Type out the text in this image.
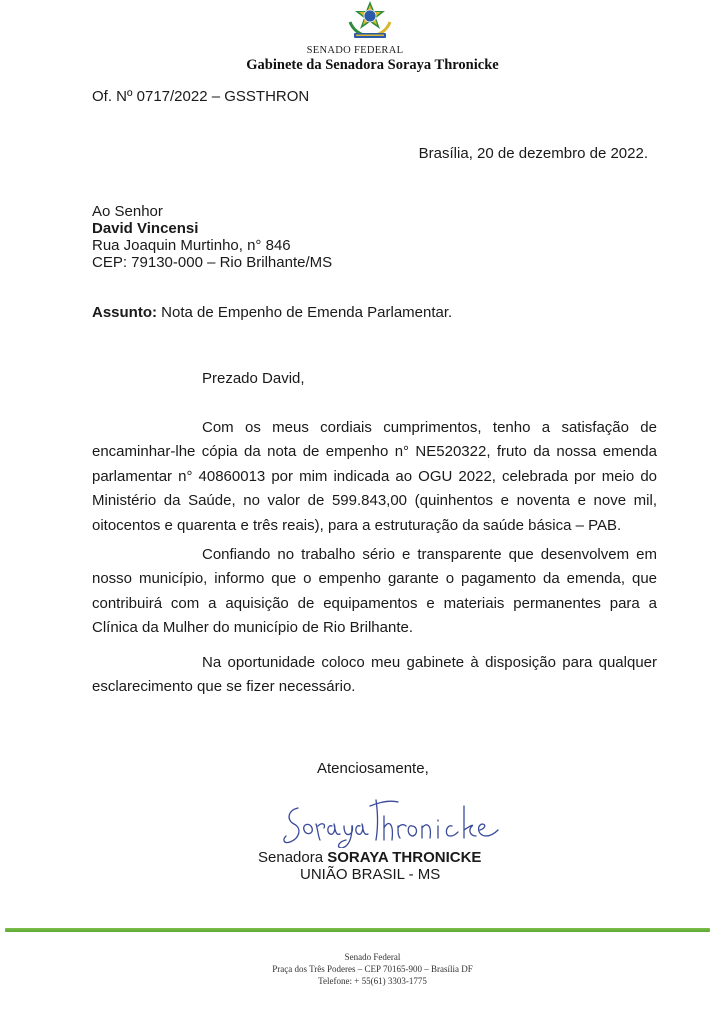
SENADO FEDERAL
Gabinete da Senadora Soraya Thronicke
Of. Nº 0717/2022 – GSSTHRON
Brasília, 20 de dezembro de 2022.
Ao Senhor
David Vincensi
Rua Joaquin Murtinho, n° 846
CEP: 79130-000 – Rio Brilhante/MS
Assunto: Nota de Empenho de Emenda Parlamentar.
Prezado David,
Com os meus cordiais cumprimentos, tenho a satisfação de encaminhar-lhe cópia da nota de empenho n° NE520322, fruto da nossa emenda parlamentar n° 40860013 por mim indicada ao OGU 2022, celebrada por meio do Ministério da Saúde, no valor de 599.843,00 (quinhentos e noventa e nove mil, oitocentos e quarenta e três reais), para a estruturação da saúde básica – PAB.
Confiando no trabalho sério e transparente que desenvolvem em nosso município, informo que o empenho garante o pagamento da emenda, que contribuirá com a aquisição de equipamentos e materiais permanentes para a Clínica da Mulher do município de Rio Brilhante.
Na oportunidade coloco meu gabinete à disposição para qualquer esclarecimento que se fizer necessário.
Atenciosamente,
Senadora SORAYA THRONICKE
UNIÃO BRASIL - MS
Senado Federal
Praça dos Três Poderes – CEP 70165-900 – Brasília DF
Telefone: + 55(61) 3303-1775
